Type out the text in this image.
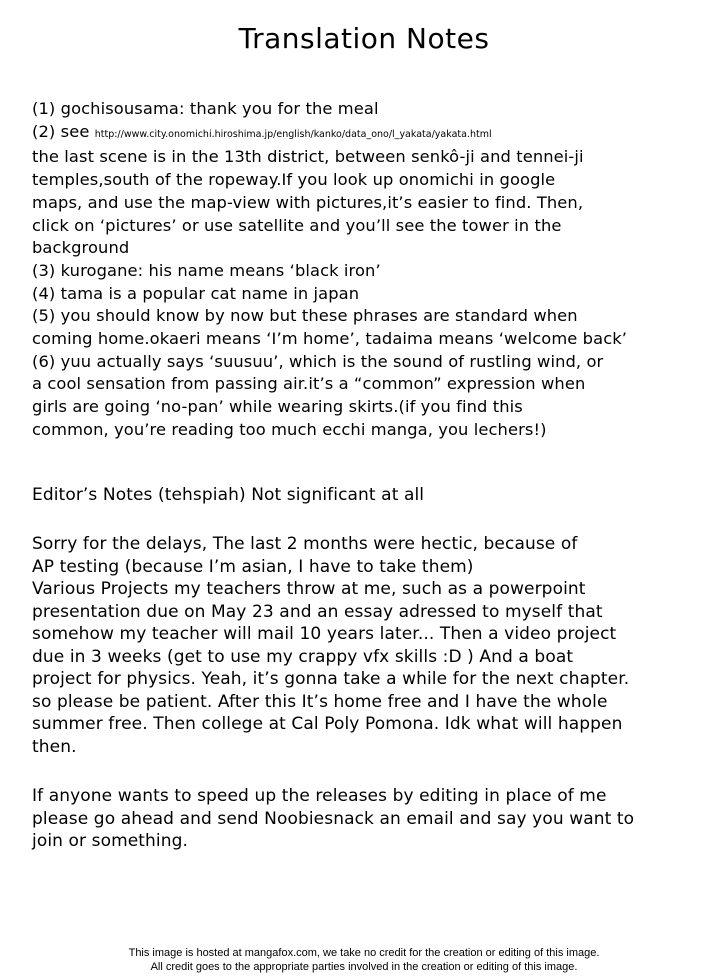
Translation Notes
(1) gochisousama: thank you for the meal
(2) see http://www.city.onomichi.hiroshima.jp/english/kanko/data_ono/l_yakata/yakata.html
the last scene is in the 13th district, between senkô-ji and tennei-ji
temples,south of the ropeway.If you look up onomichi in google
maps, and use the map-view with pictures,it’s easier to find. Then,
click on ‘pictures’ or use satellite and you’ll see the tower in the
background
(3) kurogane: his name means ‘black iron’
(4) tama is a popular cat name in japan
(5) you should know by now but these phrases are standard when
coming home.okaeri means ‘I’m home’, tadaima means ‘welcome back’
(6) yuu actually says ‘suusuu’, which is the sound of rustling wind, or
a cool sensation from passing air.it’s a “common” expression when
girls are going ‘no-pan’ while wearing skirts.(if you find this
common, you’re reading too much ecchi manga, you lechers!)
Editor’s Notes (tehspiah) Not significant at all
Sorry for the delays, The last 2 months were hectic, because of
AP testing (because I’m asian, I have to take them)
Various Projects my teachers throw at me, such as a powerpoint
presentation due on May 23 and an essay adressed to myself that
somehow my teacher will mail 10 years later... Then a video project
due in 3 weeks (get to use my crappy vfx skills :D ) And a boat
project for physics. Yeah, it’s gonna take a while for the next chapter.
so please be patient. After this It’s home free and I have the whole
summer free. Then college at Cal Poly Pomona. Idk what will happen
then.
If anyone wants to speed up the releases by editing in place of me
please go ahead and send Noobiesnack an email and say you want to
join or something.
This image is hosted at mangafox.com, we take no credit for the creation or editing of this image.
All credit goes to the appropriate parties involved in the creation or editing of this image.
